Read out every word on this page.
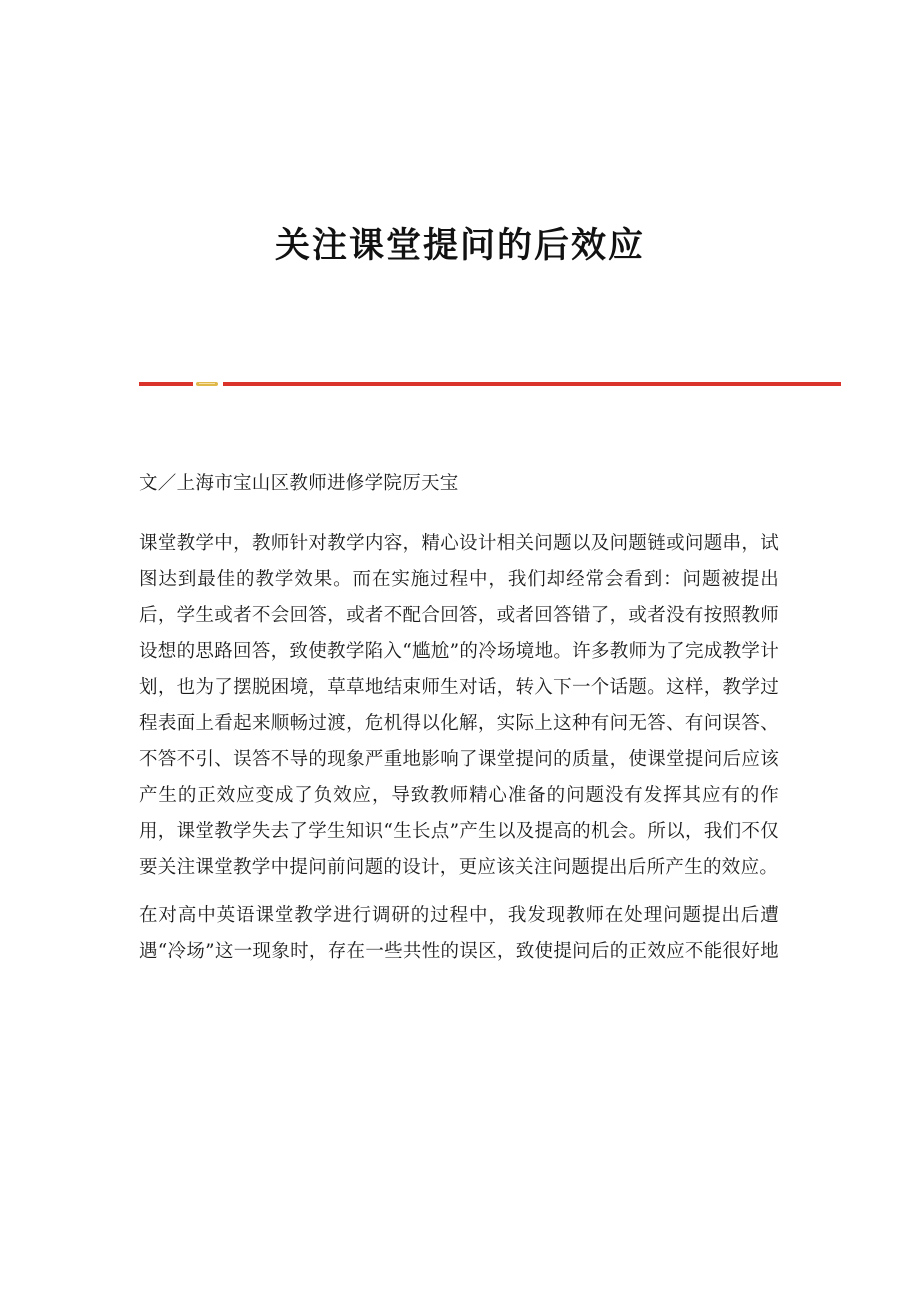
关注课堂提问的后效应
文／上海市宝山区教师进修学院厉天宝
课堂教学中，教师针对教学内容，精心设计相关问题以及问题链或问题串，试图达到最佳的教学效果。而在实施过程中，我们却经常会看到：问题被提出后，学生或者不会回答，或者不配合回答，或者回答错了，或者没有按照教师设想的思路回答，致使教学陷入“尴尬”的冷场境地。许多教师为了完成教学计划，也为了摆脱困境，草草地结束师生对话，转入下一个话题。这样，教学过程表面上看起来顺畅过渡，危机得以化解，实际上这种有问无答、有问误答、不答不引、误答不导的现象严重地影响了课堂提问的质量，使课堂提问后应该产生的正效应变成了负效应，导致教师精心准备的问题没有发挥其应有的作用，课堂教学失去了学生知识“生长点”产生以及提高的机会。所以，我们不仅要关注课堂教学中提问前问题的设计，更应该关注问题提出后所产生的效应。
在对高中英语课堂教学进行调研的过程中，我发现教师在处理问题提出后遭遇“冷场”这一现象时，存在一些共性的误区，致使提问后的正效应不能很好地
